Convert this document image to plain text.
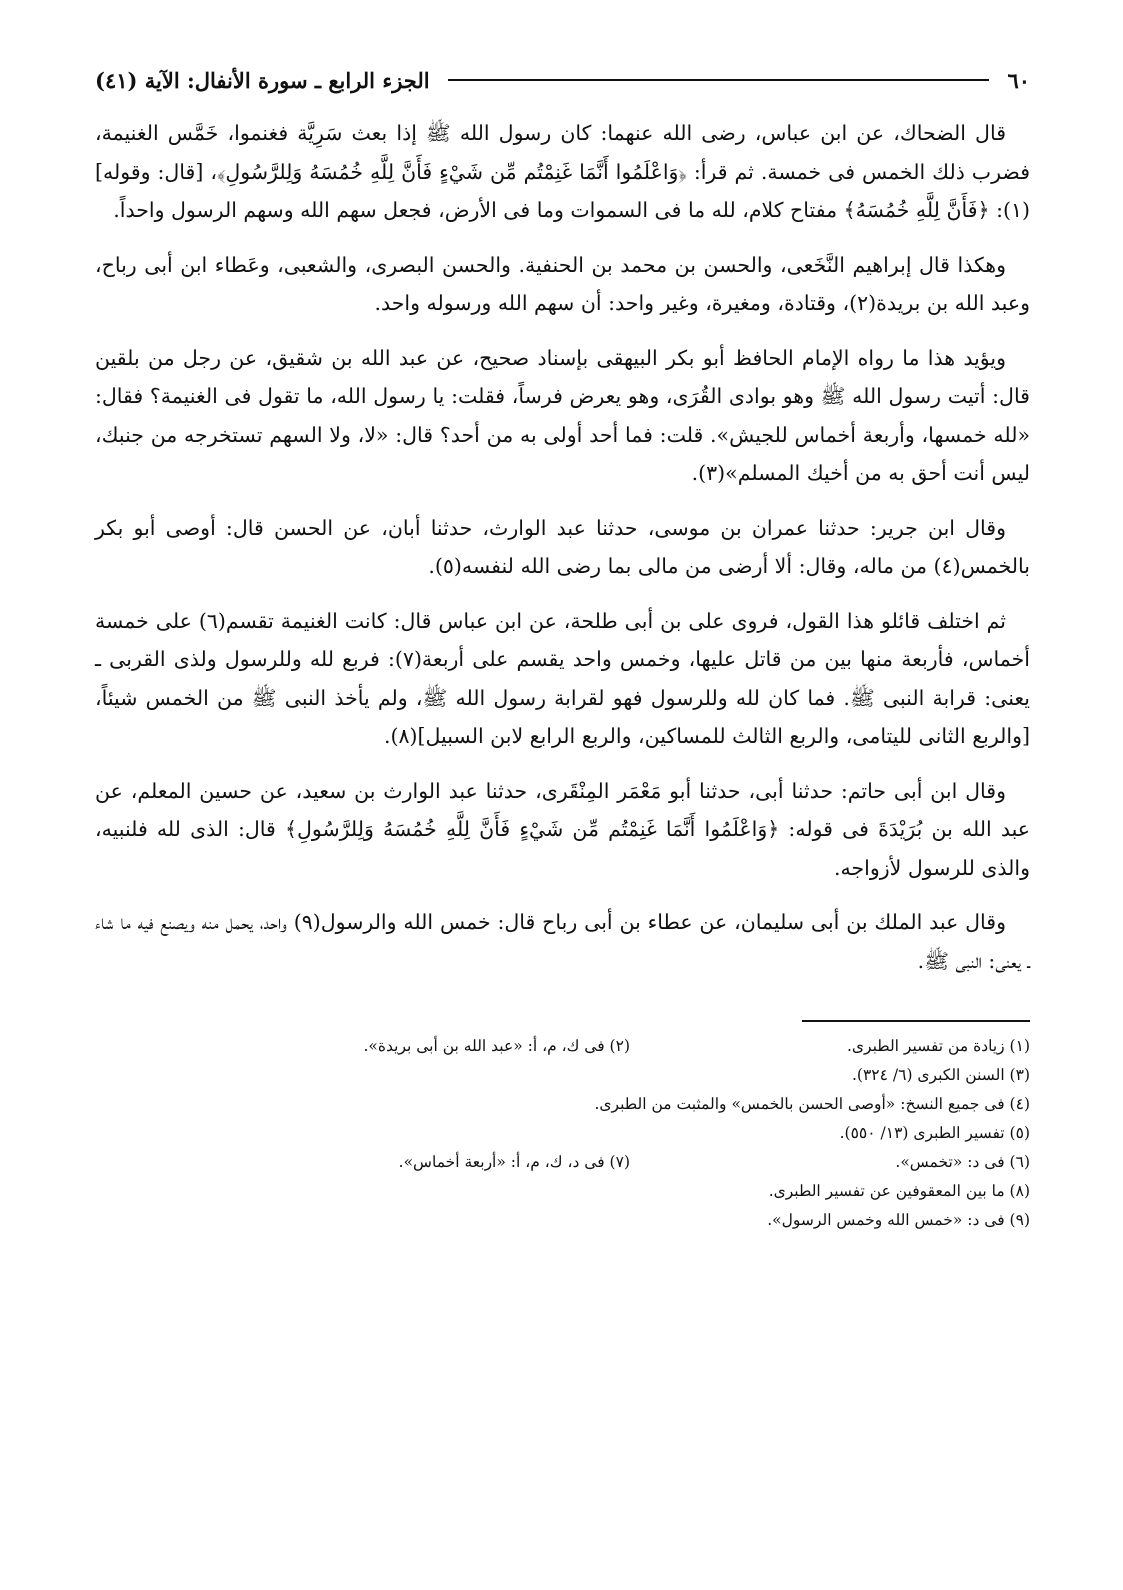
٦٠
الجزء الرابع ـ سورة الأنفال: الآية (٤١)

قال الضحاك، عن ابن عباس، رضى الله عنهما: كان رسول الله ﷺ إذا بعث سَرِيَّة فغنموا، خَمَّس الغنيمة، فضرب ذلك الخمس فى خمسة. ثم قرأ: ﴿وَاعْلَمُوا أَنَّمَا غَنِمْتُم مِّن شَيْءٍ فَأَنَّ لِلَّهِ خُمُسَهُ وَلِلرَّسُولِ﴾، [قال: وقوله](١): ﴿فَأَنَّ لِلَّهِ خُمُسَهُ﴾ مفتاح كلام، لله ما فى السموات وما فى الأرض، فجعل سهم الله وسهم الرسول واحداً.

وهكذا قال إبراهيم النَّخَعى، والحسن بن محمد بن الحنفية. والحسن البصرى، والشعبى، وعَطاء ابن أبى رباح، وعبد الله بن بريدة(٢)، وقتادة، ومغيرة، وغير واحد: أن سهم الله ورسوله واحد.

ويؤيد هذا ما رواه الإمام الحافظ أبو بكر البيهقى بإسناد صحيح، عن عبد الله بن شقيق، عن رجل من بلقين قال: أتيت رسول الله ﷺ وهو بوادى القُرَى، وهو يعرض فرساً، فقلت: يا رسول الله، ما تقول فى الغنيمة؟ فقال: «لله خمسها، وأربعة أخماس للجيش». قلت: فما أحد أولى به من أحد؟ قال: «لا، ولا السهم تستخرجه من جنبك، ليس أنت أحق به من أخيك المسلم»(٣).

وقال ابن جرير: حدثنا عمران بن موسى، حدثنا عبد الوارث، حدثنا أبان، عن الحسن قال: أوصى أبو بكر بالخمس(٤) من ماله، وقال: ألا أرضى من مالى بما رضى الله لنفسه(٥).

ثم اختلف قائلو هذا القول، فروى على بن أبى طلحة، عن ابن عباس قال: كانت الغنيمة تقسم(٦) على خمسة أخماس، فأربعة منها بين من قاتل عليها، وخمس واحد يقسم على أربعة(٧): فربع لله وللرسول ولذى القربى ـ يعنى: قرابة النبى ﷺ. فما كان لله وللرسول فهو لقرابة رسول الله ﷺ، ولم يأخذ النبى ﷺ من الخمس شيئاً، [والربع الثانى لليتامى، والربع الثالث للمساكين، والربع الرابع لابن السبيل](٨).

وقال ابن أبى حاتم: حدثنا أبى، حدثنا أبو مَعْمَر المِنْقَرى، حدثنا عبد الوارث بن سعيد، عن حسين المعلم، عن عبد الله بن بُرَيْدَةَ فى قوله: ﴿وَاعْلَمُوا أَنَّمَا غَنِمْتُم مِّن شَيْءٍ فَأَنَّ لِلَّهِ خُمُسَهُ وَلِلرَّسُولِ﴾ قال: الذى لله فلنبيه، والذى للرسول لأزواجه.

وقال عبد الملك بن أبى سليمان، عن عطاء بن أبى رباح قال: خمس الله والرسول(٩) واحد، يحمل منه ويصنع فيه ما شاء ـ يعنى: النبى ﷺ.

(١) زيادة من تفسير الطبرى.
(٢) فى ك، م، أ: «عبد الله بن أبى بريدة».
(٣) السنن الكبرى (٦/ ٣٢٤).
(٤) فى جميع النسخ: «أوصى الحسن بالخمس» والمثبت من الطبرى.
(٥) تفسير الطبرى (١٣/ ٥٥٠).
(٦) فى د: «تخمس».
(٧) فى د، ك، م، أ: «أربعة أخماس».
(٨) ما بين المعقوفين عن تفسير الطبرى.
(٩) فى د: «خمس الله وخمس الرسول».
